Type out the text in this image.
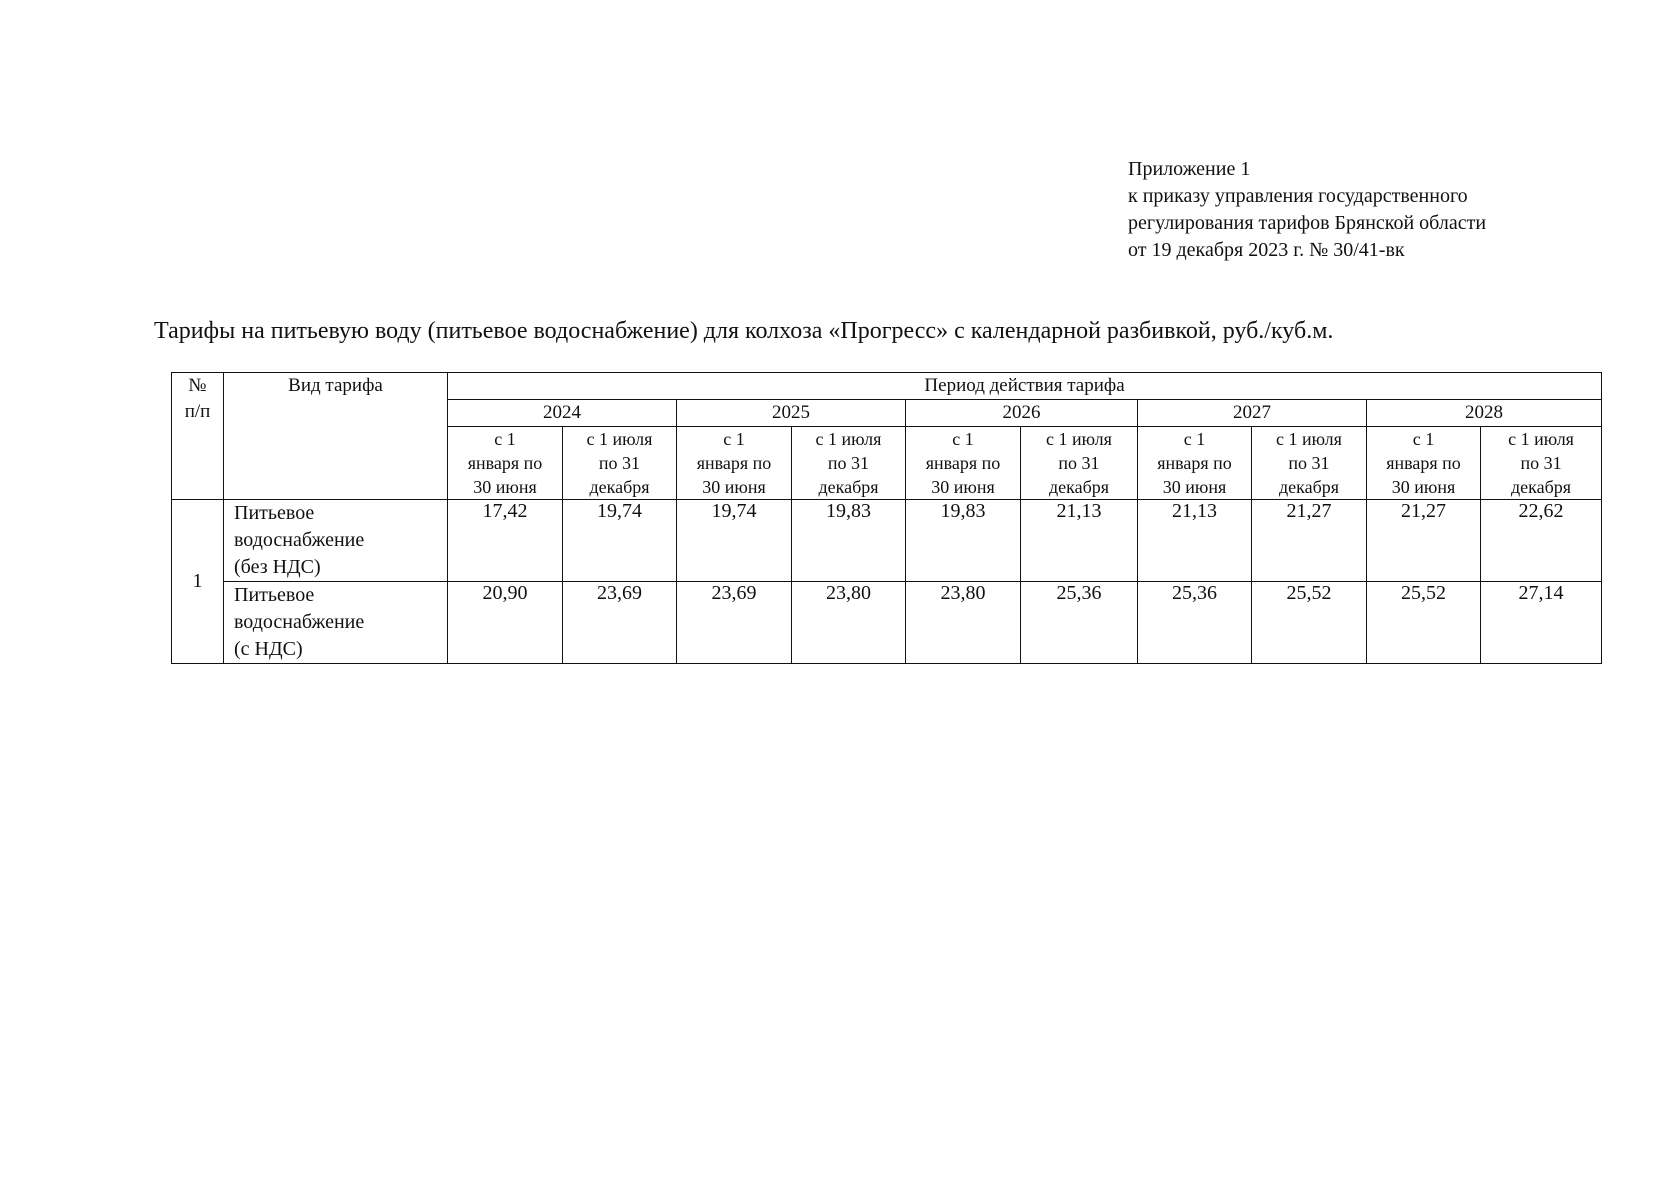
Приложение 1
к приказу управления государственного
регулирования тарифов Брянской области
от 19 декабря 2023 г. № 30/41-вк
Тарифы на питьевую воду (питьевое водоснабжение) для колхоза «Прогресс» с календарной разбивкой, руб./куб.м.
№
п/п	Вид тарифа	Период действия тарифа									
		2024		2025		2026		2027		2028	
		с 1
января по
30 июня	с 1 июля
по 31
декабря	с 1
января по
30 июня	с 1 июля
по 31
декабря	с 1
января по
30 июня	с 1 июля
по 31
декабря	с 1
января по
30 июня	с 1 июля
по 31
декабря	с 1
января по
30 июня	с 1 июля
по 31
декабря
1	Питьевое
водоснабжение
(без НДС)	17,42	19,74	19,74	19,83	19,83	21,13	21,13	21,27	21,27	22,62
	Питьевое
водоснабжение
(с НДС)	20,90	23,69	23,69	23,80	23,80	25,36	25,36	25,52	25,52	27,14
